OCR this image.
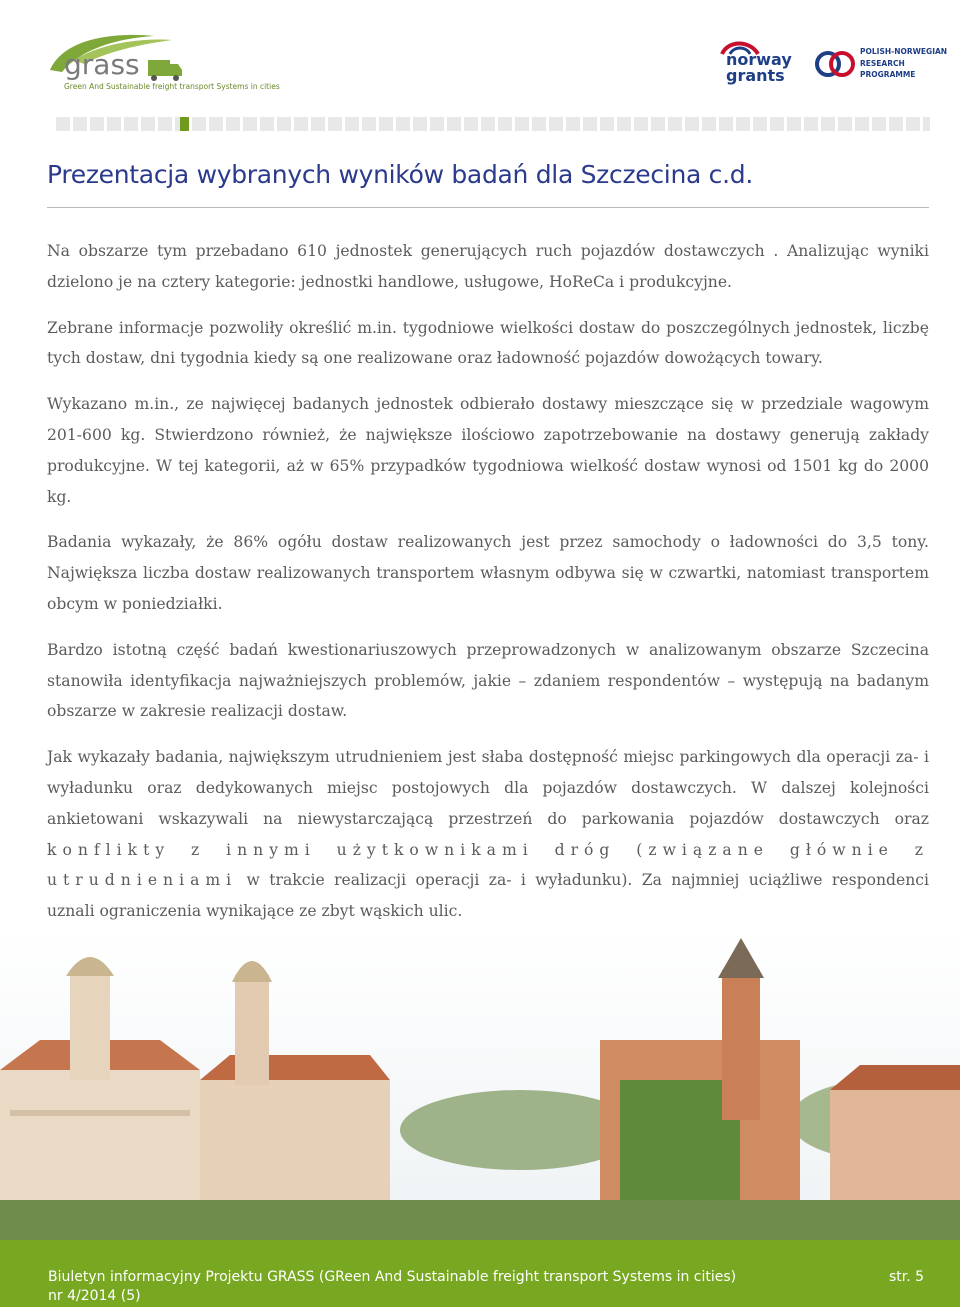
grass
Green And Sustainable freight transport Systems in cities
norway grants
POLISH-NORWEGIAN
RESEARCH
PROGRAMME
Prezentacja wybranych wyników badań dla Szczecina c.d.

Na obszarze tym przebadano 610 jednostek generujących ruch pojazdów dostawczych . Analizując wyniki dzielono je na cztery kategorie: jednostki handlowe, usługowe, HoReCa i produkcyjne.

Zebrane informacje pozwoliły określić m.in. tygodniowe wielkości dostaw do poszczególnych jednostek, liczbę tych dostaw, dni tygodnia kiedy są one realizowane oraz ładowność pojazdów dowożących towary.

Wykazano m.in., ze najwięcej badanych jednostek odbierało dostawy mieszczące się w przedziale wagowym 201-600 kg. Stwierdzono również, że największe ilościowo zapotrzebowanie na dostawy generują zakłady produkcyjne. W tej kategorii, aż w 65% przypadków tygodniowa wielkość dostaw wynosi od 1501 kg do 2000 kg.

Badania wykazały, że 86% ogółu dostaw realizowanych jest przez samochody o ładowności do 3,5 tony. Największa liczba dostaw realizowanych transportem własnym odbywa się w czwartki, natomiast transportem obcym w poniedziałki.

Bardzo istotną część badań kwestionariuszowych przeprowadzonych w analizowanym obszarze Szczecina stanowiła identyfikacja najważniejszych problemów, jakie – zdaniem respondentów – występują na badanym obszarze w zakresie realizacji dostaw.

Jak wykazały badania, największym utrudnieniem jest słaba dostępność miejsc parkingowych dla operacji za- i wyładunku oraz dedykowanych miejsc postojowych dla pojazdów dostawczych. W dalszej kolejności ankietowani wskazywali na niewystarczającą przestrzeń do parkowania pojazdów dostawczych oraz konflikty z innymi użytkownikami dróg (związane głównie z utrudnieniami w trakcie realizacji operacji za- i wyładunku). Za najmniej uciążliwe respondenci uznali ograniczenia wynikające ze zbyt wąskich ulic.

Biuletyn informacyjny Projektu GRASS (GReen And Sustainable freight transport Systems in cities)
nr 4/2014 (5)
str. 5
